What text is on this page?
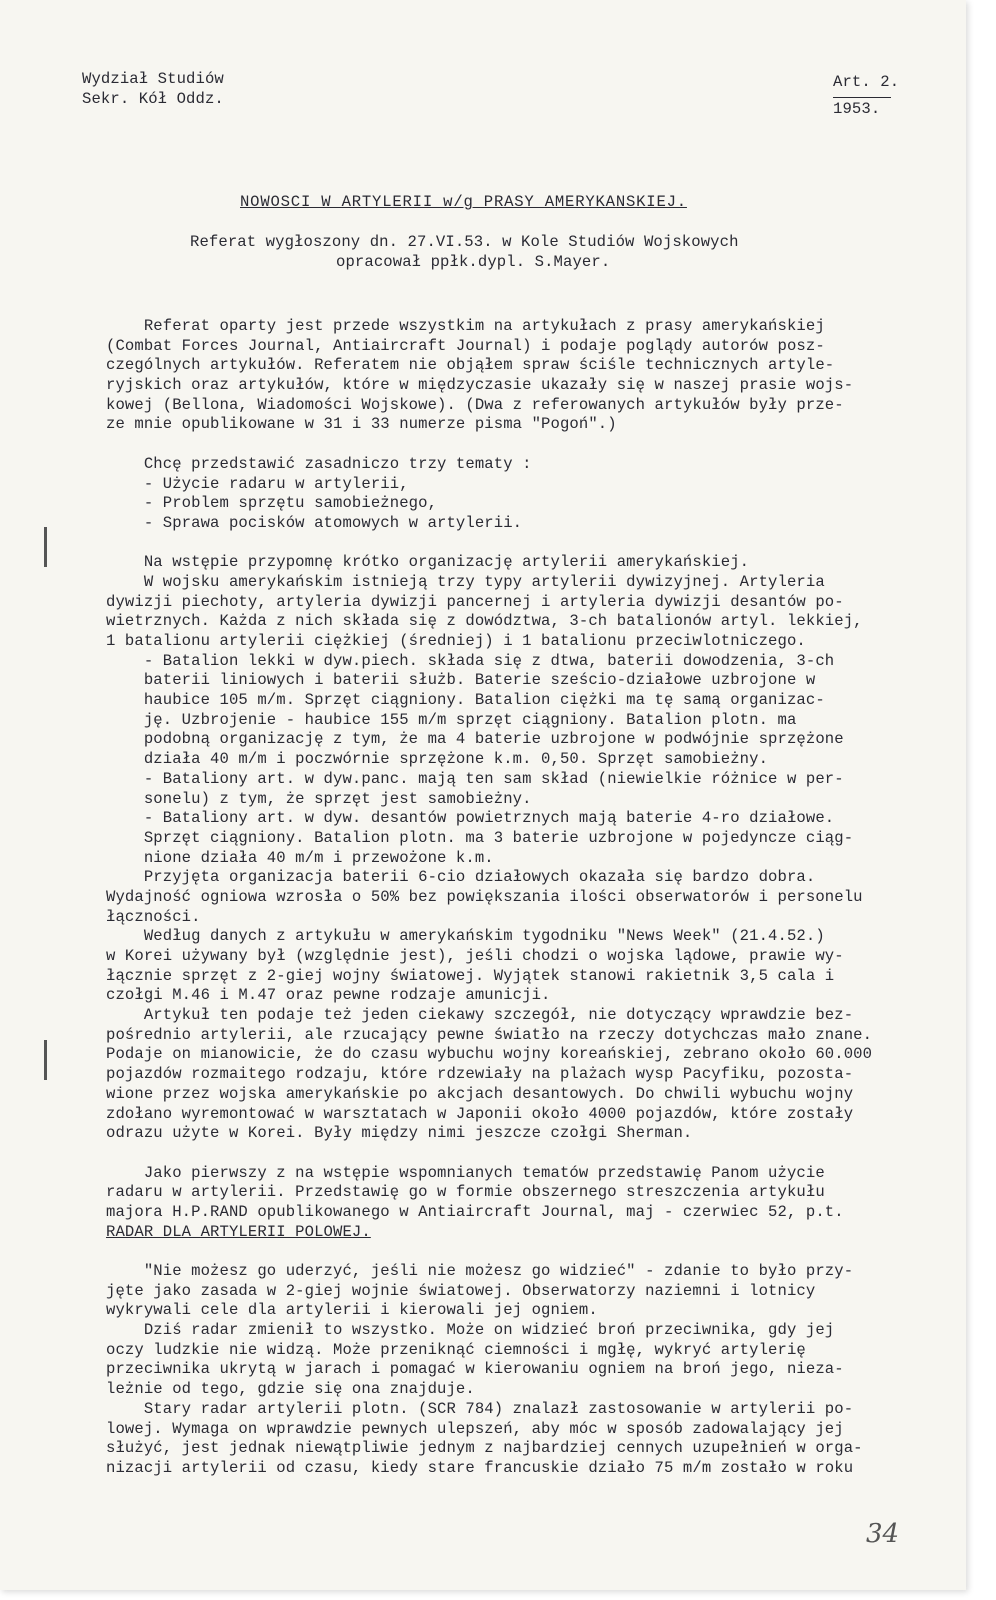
Wydział Studiów
Sekr. Kół Oddz.
Art. 2.
1953.
NOWOSCI W ARTYLERII w/g PRASY AMERYKANSKIEJ.
Referat wygłoszony dn. 27.VI.53. w Kole Studiów Wojskowych
opracował ppłk.dypl. S.Mayer.
Referat oparty jest przede wszystkim na artykułach z prasy amerykańskiej
(Combat Forces Journal, Antiaircraft Journal) i podaje poglądy autorów posz-
czególnych artykułów. Referatem nie objąłem spraw ściśle technicznych artyle-
ryjskich oraz artykułów, które w międzyczasie ukazały się w naszej prasie wojs-
kowej (Bellona, Wiadomości Wojskowe). (Dwa z referowanych artykułów były prze-
ze mnie opublikowane w 31 i 33 numerze pisma "Pogoń".)
Chcę przedstawić zasadniczo trzy tematy :
- Użycie radaru w artylerii,
- Problem sprzętu samobieżnego,
- Sprawa pocisków atomowych w artylerii.
Na wstępie przypomnę krótko organizację artylerii amerykańskiej.
W wojsku amerykańskim istnieją trzy typy artylerii dywizyjnej. Artyleria
dywizji piechoty, artyleria dywizji pancernej i artyleria dywizji desantów po-
wietrznych. Każda z nich składa się z dowództwa, 3-ch batalionów artyl. lekkiej,
1 batalionu artylerii ciężkiej (średniej) i 1 batalionu przeciwlotniczego.
- Batalion lekki w dyw.piech. składa się z dtwa, baterii dowodzenia, 3-ch
baterii liniowych i baterii służb. Baterie sześcio-działowe uzbrojone w
haubice 105 m/m. Sprzęt ciągniony. Batalion ciężki ma tę samą organizac-
ję. Uzbrojenie - haubice 155 m/m sprzęt ciągniony. Batalion plotn. ma
podobną organizację z tym, że ma 4 baterie uzbrojone w podwójnie sprzężone
działa 40 m/m i poczwórnie sprzężone k.m. 0,50. Sprzęt samobieżny.
- Bataliony art. w dyw.panc. mają ten sam skład (niewielkie różnice w per-
sonelu) z tym, że sprzęt jest samobieżny.
- Bataliony art. w dyw. desantów powietrznych mają baterie 4-ro działowe.
Sprzęt ciągniony. Batalion plotn. ma 3 baterie uzbrojone w pojedyncze ciąg-
nione działa 40 m/m i przewożone k.m.
Przyjęta organizacja baterii 6-cio działowych okazała się bardzo dobra.
Wydajność ogniowa wzrosła o 50% bez powiększania ilości obserwatorów i personelu
łączności.
Według danych z artykułu w amerykańskim tygodniku "News Week" (21.4.52.)
w Korei używany był (względnie jest), jeśli chodzi o wojska lądowe, prawie wy-
łącznie sprzęt z 2-giej wojny światowej. Wyjątek stanowi rakietnik 3,5 cala i
czołgi M.46 i M.47 oraz pewne rodzaje amunicji.
Artykuł ten podaje też jeden ciekawy szczegół, nie dotyczący wprawdzie bez-
pośrednio artylerii, ale rzucający pewne światło na rzeczy dotychczas mało znane.
Podaje on mianowicie, że do czasu wybuchu wojny koreańskiej, zebrano około 60.000
pojazdów rozmaitego rodzaju, które rdzewiały na plażach wysp Pacyfiku, pozosta-
wione przez wojska amerykańskie po akcjach desantowych. Do chwili wybuchu wojny
zdołano wyremontować w warsztatach w Japonii około 4000 pojazdów, które zostały
odrazu użyte w Korei. Były między nimi jeszcze czołgi Sherman.
Jako pierwszy z na wstępie wspomnianych tematów przedstawię Panom użycie
radaru w artylerii. Przedstawię go w formie obszernego streszczenia artykułu
majora H.P.RAND opublikowanego w Antiaircraft Journal, maj - czerwiec 52, p.t.
RADAR DLA ARTYLERII POLOWEJ.
"Nie możesz go uderzyć, jeśli nie możesz go widzieć" - zdanie to było przy-
jęte jako zasada w 2-giej wojnie światowej. Obserwatorzy naziemni i lotnicy
wykrywali cele dla artylerii i kierowali jej ogniem.
Dziś radar zmienił to wszystko. Może on widzieć broń przeciwnika, gdy jej
oczy ludzkie nie widzą. Może przeniknąć ciemności i mgłę, wykryć artylerię
przeciwnika ukrytą w jarach i pomagać w kierowaniu ogniem na broń jego, nieza-
leżnie od tego, gdzie się ona znajduje.
Stary radar artylerii plotn. (SCR 784) znalazł zastosowanie w artylerii po-
lowej. Wymaga on wprawdzie pewnych ulepszeń, aby móc w sposób zadowalający jej
służyć, jest jednak niewątpliwie jednym z najbardziej cennych uzupełnień w orga-
nizacji artylerii od czasu, kiedy stare francuskie działo 75 m/m zostało w roku
34
